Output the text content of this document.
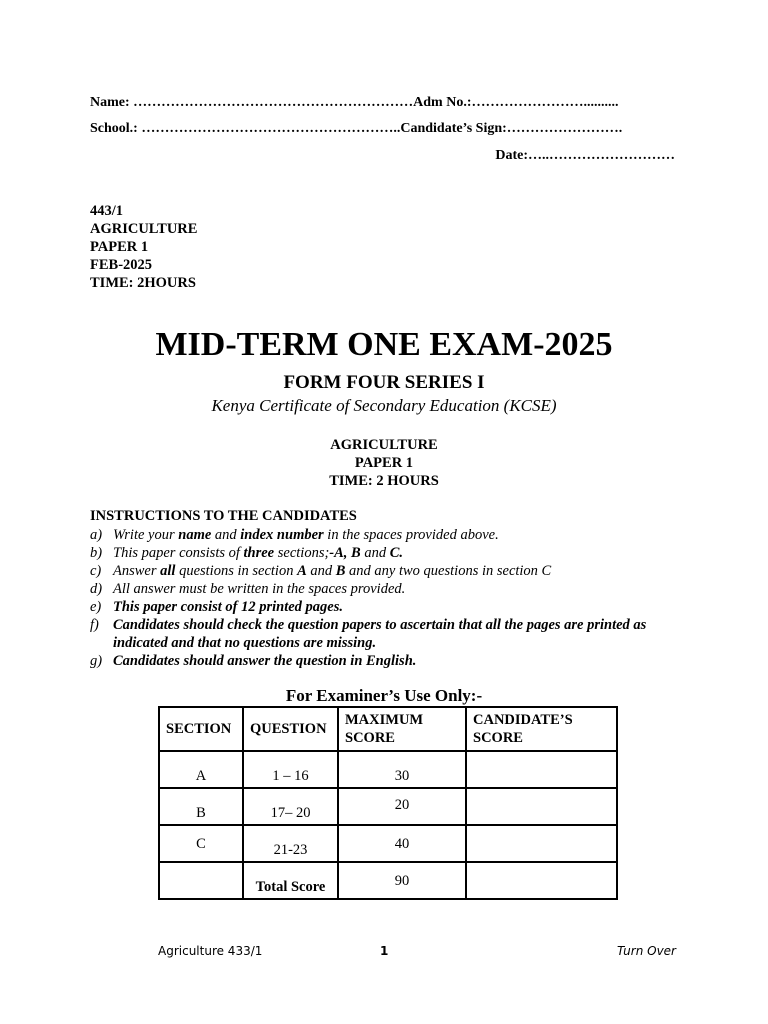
Name: ……………………………………………………Adm No.:……………………..........
School.: ………………………………………………..Candidate’s Sign:…………………….
Date:…..………………………
443/1
AGRICULTURE
PAPER 1
FEB-2025
TIME: 2HOURS
MID-TERM ONE EXAM-2025
FORM FOUR SERIES I
Kenya Certificate of Secondary Education (KCSE)
AGRICULTURE
PAPER 1
TIME: 2 HOURS
INSTRUCTIONS TO THE CANDIDATES
a) Write your name and index number in the spaces provided above.
b) This paper consists of three sections;-A, B and C.
c) Answer all questions in section A and B and any two questions in section C
d) All answer must be written in the spaces provided.
e) This paper consist of 12 printed pages.
f) Candidates should check the question papers to ascertain that all the pages are printed as indicated and that no questions are missing.
g) Candidates should answer the question in English.
For Examiner’s Use Only:-
SECTION	QUESTION	MAXIMUM SCORE	CANDIDATE’S SCORE
A	1 – 16	30	
B	17– 20	20	
C	21-23	40	
	Total Score	90	
Agriculture 433/1	1	Turn Over
